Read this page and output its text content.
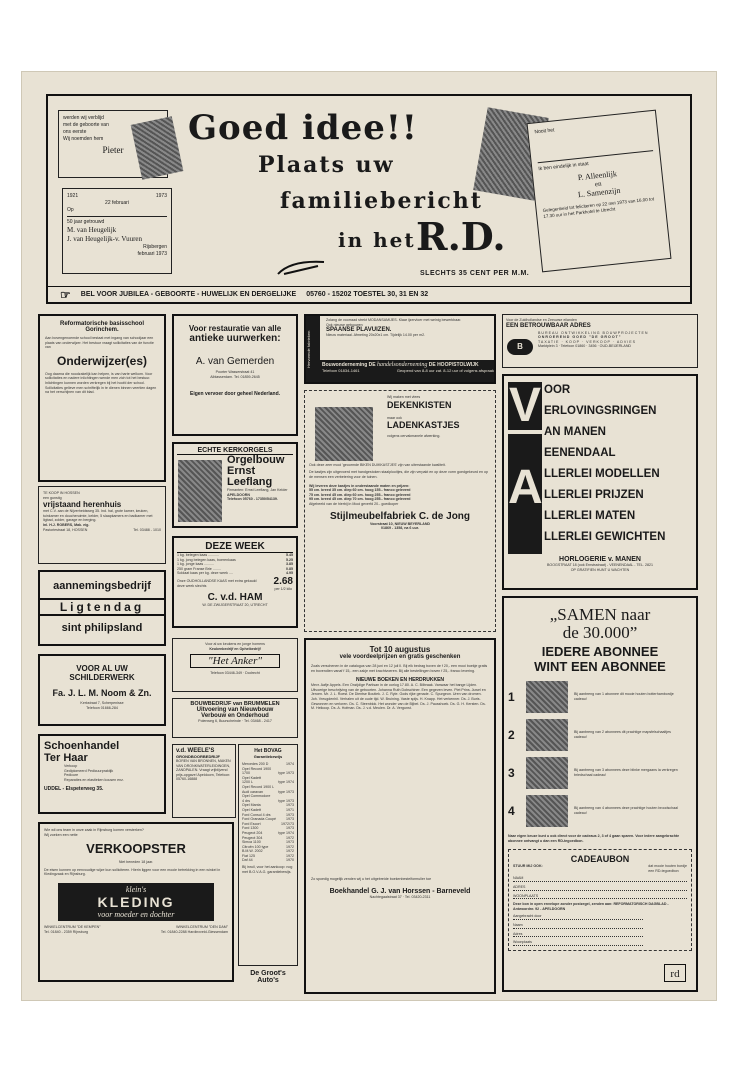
werden wij verblijd
met de geboorte van
ons eerste
Wij noemden hem
Pieter
1921	1973
22 februari
Op
50 jaar getrouwd
M. van Heugelijk
J. van Heugelijk-v. Vuuren
Rijsbergen
februari 1973
Goed idee!!
Plaats uw
familiebericht
in het R.D.
SLECHTS 35 CENT PER M.M.
Nooit het
Ik ben eindelijk in staat
P. Alleenlijk
en
L. Samenzijn
Gelegenheid tot feliciteren op 22 mei 1973 van 16.00 tot 17.30 uur in het Parkhotel te Utrecht
☞ BEL VOOR JUBILEA - GEBOORTE - HUWELIJK EN DERGELIJKE 05760 - 15202 TOESTEL 30, 31 EN 32
Reformatorische basisschool
Gorinchem.
Aan bovengenoemde school bestaat met ingang van schooljaar een plaats van onderwijzer. Het bestuur vraagt sollicitaties van de functie van
Onderwijzer(es)
Oog daarna die noodzakelijk kan helpen, is van harte welkom. Voor sollicitaties en nadere inlichtingen wende men zich tot het bestuur. Inlichtingen kunnen worden verkregen bij het hoofd der school. Sollicitaties gelieve men schriftelijk in te dienen binnen veertien dagen na het verschijnen van dit blad.
TE KOOP IN HOSSEN
een gunstig
vrijstaand herenhuis
met C.V. aan de Nijverheidsweg 35. Ind. hal, grote kamer, keuken, tuinkamer en doucheruimte, kelder, 5 slaapkamers en badkamer met ligbad, zolder, garage en berging.
Inl. H.J. ROBERS, Mak. eig.
Pastoriestraat 18, HOSSEN	Tel. 03488 - 1010
aannemingsbedrijf
Ligtendag
sint philipsland
VOOR AL UW
SCHILDERWERK
Fa. J. L. M. Noom & Zn.
Kerkstraat 7, Scherpenisse
Telefoon 01666-284
Schoenhandel
Ter Haar
Verkoop
Gediplomeerd Pedicuurpraktijk
Pedicure
Reparaties en elastieken kousen enz.
UDDEL - Elspeterweg 35.
Wie wil ons team in onze zaak in Rijnsburg komen versterken?
Wij zoeken een nette
VERKOOPSTER
Niet beneden 18 jaar.
De eisen kunnen op eenvoudige wijze kun solliciteren. Hierin liggen voor een mooie betrekking in een winkel in Kledingzaak en Rijnsburg.
klein's
KLEDING
voor moeder en dochter
WINKELCENTRUM "DE KEMPEN"
Tel. 01840 - 2359 Rijnsburg
WINKELCENTRUM "DEN DAM"
Tel. 01840-2288 Hardinxveld-Giessendam
Voor restauratie van alle
antieke uurwerken:
A. van Gemerden
Poorter Wasserstraat 41
Alblasserdam. Tel. 01859-2645
Eigen vervoer door geheel Nederland.
ECHTE KERKORGELS
Orgelbouw
Ernst
Leeflang
Firmanten: Ernst Leeflang, Jan Kelder
APELDOORN
Telefoon 05760 - 17350/54139.
DEZE WEEK
1 kg. belegen kaas ...........	5.45
1 kg. jong belegen kaas, boerenkaas	5.25
1 kg. jonge kaas ..........	3.85
250 gram Franse Brie ........	0.85
Soldaat kaas per kg. deze week ....	4.95
Onze OUDHOLLANDSE KAAS met extra gekauld deze week slechts	2.68
per 1/2 kilo
C. v.d. HAM
W. DE ZWIJGERSTRAAT 20, UTRECHT
Voor al uw keukens en jonge homens
Keukenbedrijf en Opheibedrijf
"Het Anker"
Telefoon 03446-349 · Dodrecht
BOUWBEDRIJF van BRUMMELEN
Uitvoering van Nieuwbouw
Verbouw en Onderhoud
Polenweg 6, Buurscheinde · Tel. 03468 - 2417
v.d. WEELE'S
GRONDBOORBEDRIJF
BOREN VAN BRONNEN, MAKEN VAN DRONKWATERLEIDINGEN, ZANDPALEN. Vraagt vrijblijvend prijs-opgave! Apeldoorn, Telefoon: 05760-16888
Het BOVAG
Garantiebewijs
Mercedes 200 D	1974
Opel Record 1900
1700	type 1973
Opel Kadett
1200 L	type 1974
Opel Record 1900 L
Audi caravan	type 1973
Opel Commodore
4 drs	type 1973
Opel Manta	1973
Opel Kadett	1971
Ford Consul 4 drs	1973
Ford Granada Coupé	1973
Ford Escort	1972/73
Ford 1300	1973
Peugeot 204	type 1974
Peugeot 304	1972
Simca 1100	1973
Citroën 100 type	1972
B.M.W. 2002	1972
Fiat 125	1972
Daf 44	1970
Bij inruil, voor het aankoop: nog met B.O.V.A.G. garantiebewijs.
De Groot's
Auto's
Hervormde fabrieken
Zolang de voorraad strekt MODANSAMIJES. Klaar ijzervloer met weinig bewerkbaar.
Ook nieuwe gebouwen
SPAANSE PLAVUIZEN.
Nieuw materiaal. Afmeting 20x20x1 cm. Tijdelijk 14.00 per m2.
Bouwonderneming DE handelsonderneming DE HOOP/STOLWIJK
Telefoon 01834-1461	Geopend van 8-8 uur zat. 8-12 uur of volgens afspraak
Wij maken met vlees
DEKENKISTEN
maar ook
LADENKASTJES
volgens oervakmanele afwerking.
Ook deze zeer mooi 'geoormde BIKEN DUIKKASTJES' zijn van uiterstaande kwaliteit.
De kastjes zijn uitgevoerd met handgestoken staalplooitjes, die zijn verpakt en op deze vorm goedgekeurd en op de mensen een verbetering voor de tuinen.
Wij leveren deze kastjes in onderstaande maten en prijzen:
55 cm. breed 35 cm. diep 60 cm. hoog 155.- franco geleverd
75 cm. breed 45 cm. diep 60 cm. hoog 255.- franco geleverd
95 cm. breed 45 cm. diep 70 cm. hoog 255.- franco geleverd
Afgebeeld van de hierbij in Mooi geverfd 20.- goedkoper
Stijlmeubelfabriek C. de Jong
Voorstraat 10, NIEUW BEYERLAND
01869 - 1358, na 6 uur.
Tot 10 augustus
vele voordeelprijzen en gratis geschenken
Zoals verschenen in de catalogus van 28 juni en 12 juli II. Bij elk bedrag boven de f 20,- een mooi boekje gratis en bovendien vanaf f 15,- een zakje met krachtvoeren. Bij alle bestellingen boven f 25,- franco levering.
NIEUWE BOEKEN EN HERDRUKKEN
Mevr. Aafje Appels. Een Onzijdige Partisan in de oorlog 17.80. A. C. Bilbraak. Vanwaar het bange Lijden. Uitvoerige beschrijving van de geboorten. Johanna Ruth Dobschiner. Een gegeven leven. Piet Prins. Juwel en Jeroen. Mr. J. L. Roest. De Dientse Boutiek. J. C. Ryle. Gods rijke genade. C. Spurgeon. Uren van dromen. Joh. Vreugdenhil. Verhalen uit de oude tijd. W. Bruining. Vaste spijs. H. Knapp. Het verkenner. Ds. J. Buris. Gewonnen en verloren. Ds. C. Steenblok. Het wonder van de Bijbel. Ds. J. Pausshoek. Ds. G. H. Kersten. Ds. M. Heikoop. Ds. A. Hofman. Ds. J. v.d. Meulen. Dr. A. Vergunst.
Zo spoedig mogelijk zenden wij u het uitgebreide boekenbestelformulier toe
Boekhandel G. J. van Horssen - Barneveld
Nachtegaalstraat 37 · Tel. 03420-2311
Voor de Zuidhollandse en Zeeuwse eilanden
EEN BETROUWBAAR ADRES
B
BUREAU ONTWIKKELING BOUWPROJECTEN
ONROEREND GOED "DE GROOT"
TAXATIE · KOOP · VERKOOP · ADVIES
Marktplein 3 · Telefoon 01860 · 3456 · OUD-BEIJERLAND
V
A
OOR
ERLOVINGSRINGEN
AN MANEN
EENENDAAL
LLERLEI MODELLEN
LLERLEI PRIJZEN
LLERLEI MATEN
LLERLEI GEWICHTEN
HORLOGERIE v. MANEN
BOOGSTRAAT 18 (ook Ernstsstraat) - VEENENDAAL - TEL. 2821
OP GRATIFIEN HUNT U WACHTEN
„SAMEN naar
de 30.000”
IEDERE ABONNEE
WINT EEN ABONNEE
1	Bij aanbreng van 1 abonnee dit mooie houten botterhambordje cadeau!
2	Bij aanbreng van 2 abonnees dit prachtige mapsfelschaaltjes cadeau!
3	Bij aanbreng van 3 abonnees deze blinke mergaans la verkregen briedschaal cadeau!
4	Bij aanbreng van 4 abonnees deze prachtige houten broodschaal cadeau!
Naar eigen keuze kunt u ook direct voor de cadeaus 2, 3 of 4 gaan sparen. Voor iedere aangebrachte abonnee ontvangt u dan een RD-tegoedbon.
CADEAUBON
STUUR MIJ OOK:	dat mooie houten bordje
een RD-tegoedbon
NAAM
ADRES
WOONPLAATS
Deze bon in open envelope zonder postzegel, zenden aan: REFORMATORISCH DAGBLAD - Antwoordnr. 92 - APELDOORN
Aangebracht door
Naam
Adres
Woonplaats
rd
